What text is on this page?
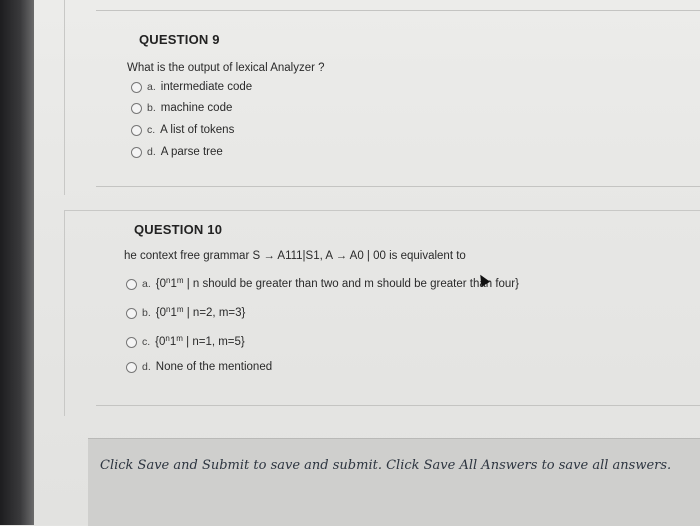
QUESTION 9
What is the output of lexical Analyzer ?
a. intermediate code
b. machine code
c. A list of tokens
d. A parse tree
QUESTION 10
he context free grammar S → A111|S1, A → A0 | 00 is equivalent to
a. {0$^n$1$^m$ | n should be greater than two and m should be greater than four}
b. {0$^n$1$^m$ | n=2, m=3}
c. {0$^n$1$^m$ | n=1, m=5}
d. None of the mentioned
Click Save and Submit to save and submit. Click Save All Answers to save all answers.
